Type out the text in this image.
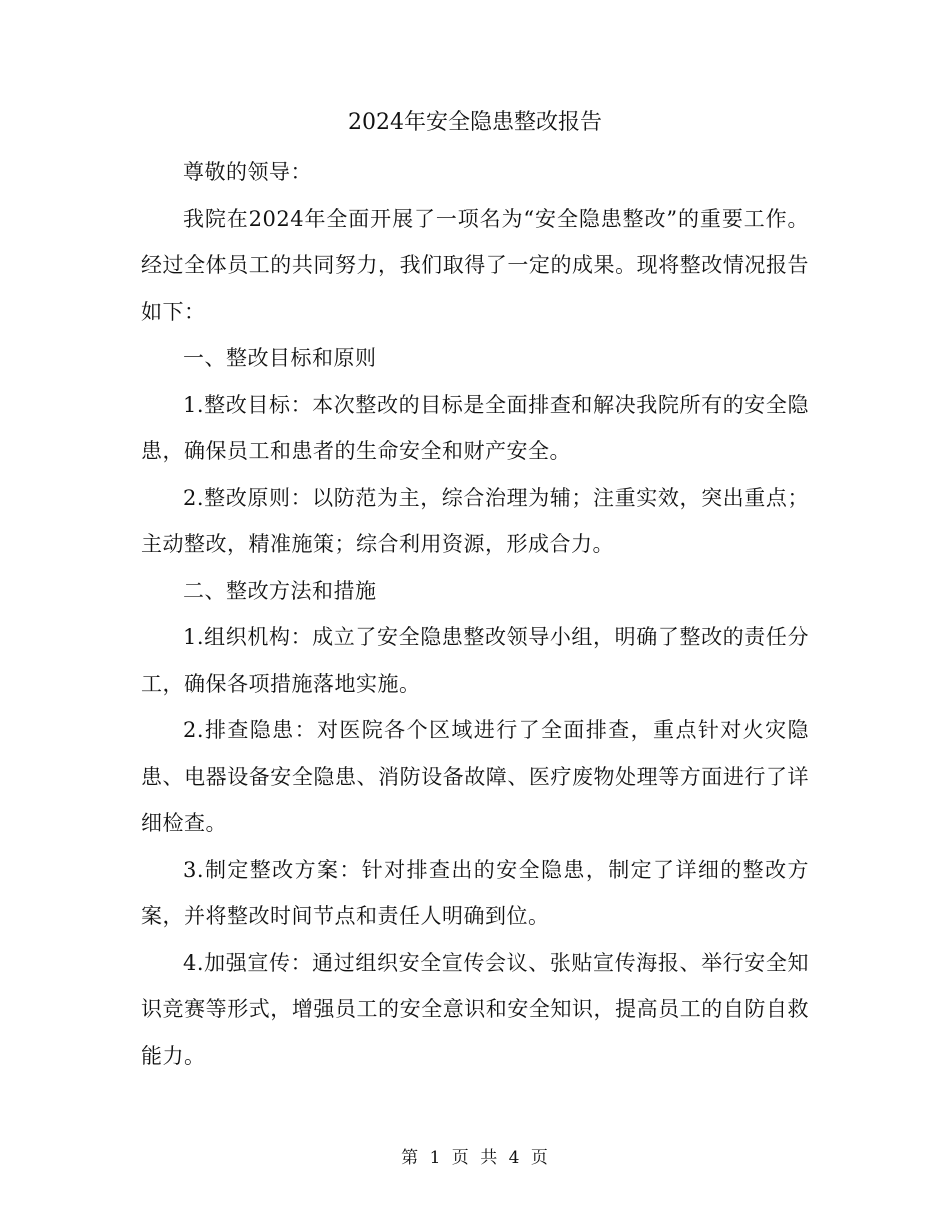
2024年安全隐患整改报告

尊敬的领导：

我院在2024年全面开展了一项名为“安全隐患整改”的重要工作。经过全体员工的共同努力，我们取得了一定的成果。现将整改情况报告如下：

一、整改目标和原则

1.整改目标：本次整改的目标是全面排查和解决我院所有的安全隐患，确保员工和患者的生命安全和财产安全。

2.整改原则：以防范为主，综合治理为辅；注重实效，突出重点；主动整改，精准施策；综合利用资源，形成合力。

二、整改方法和措施

1.组织机构：成立了安全隐患整改领导小组，明确了整改的责任分工，确保各项措施落地实施。

2.排查隐患：对医院各个区域进行了全面排查，重点针对火灾隐患、电器设备安全隐患、消防设备故障、医疗废物处理等方面进行了详细检查。

3.制定整改方案：针对排查出的安全隐患，制定了详细的整改方案，并将整改时间节点和责任人明确到位。

4.加强宣传：通过组织安全宣传会议、张贴宣传海报、举行安全知识竞赛等形式，增强员工的安全意识和安全知识，提高员工的自防自救能力。

第 1 页 共 4 页
